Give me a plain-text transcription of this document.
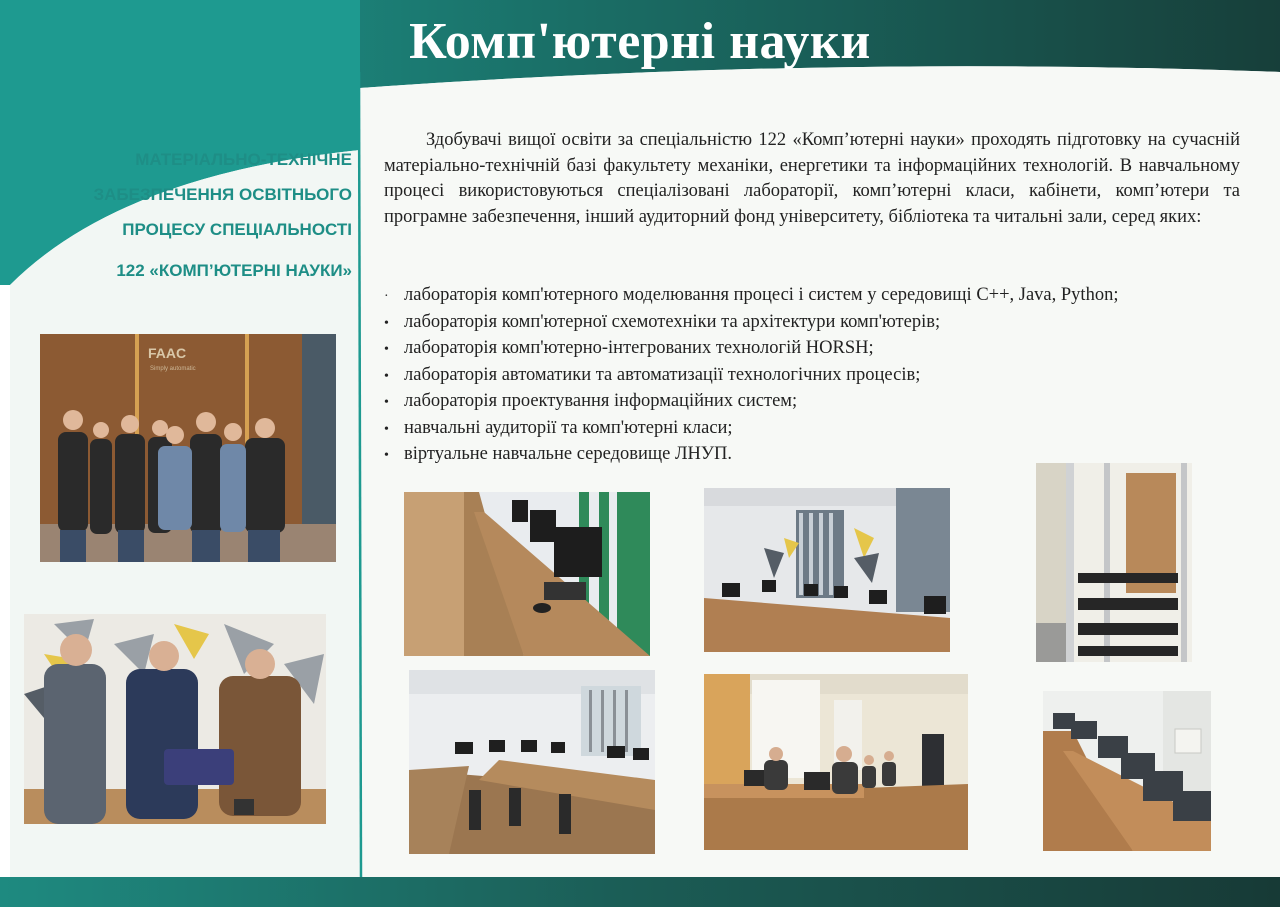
Комп'ютерні науки
МАТЕРІАЛЬНО-ТЕХНІЧНЕ
ЗАБЕЗПЕЧЕННЯ ОСВІТНЬОГО
ПРОЦЕСУ СПЕЦІАЛЬНОСТІ
122 «КОМП’ЮТЕРНІ НАУКИ»

Здобувачі вищої освіти за спеціальністю 122 «Комп’ютерні науки» проходять підготовку на сучасній матеріально-технічній базі факультету механіки, енергетики та інформаційних технологій. В навчальному процесі використовуються спеціалізовані лабораторії, комп’ютерні класи, кабінети, комп’ютери та програмне забезпечення, інший аудиторний фонд університету, бібліотека та читальні зали, серед яких:

· лабораторія комп'ютерного моделювання процесі і систем у середовищі С++, Java, Python;
• лабораторія комп'ютерної схемотехніки та архітектури комп'ютерів;
• лабораторія комп'ютерно-інтегрованих технологій HORSH;
• лабораторія автоматики та автоматизації технологічних процесів;
• лабораторія проектування інформаційних систем;
• навчальні аудиторії та комп'ютерні класи;
• віртуальне навчальне середовище ЛНУП.
FAAC
Simply automatic
